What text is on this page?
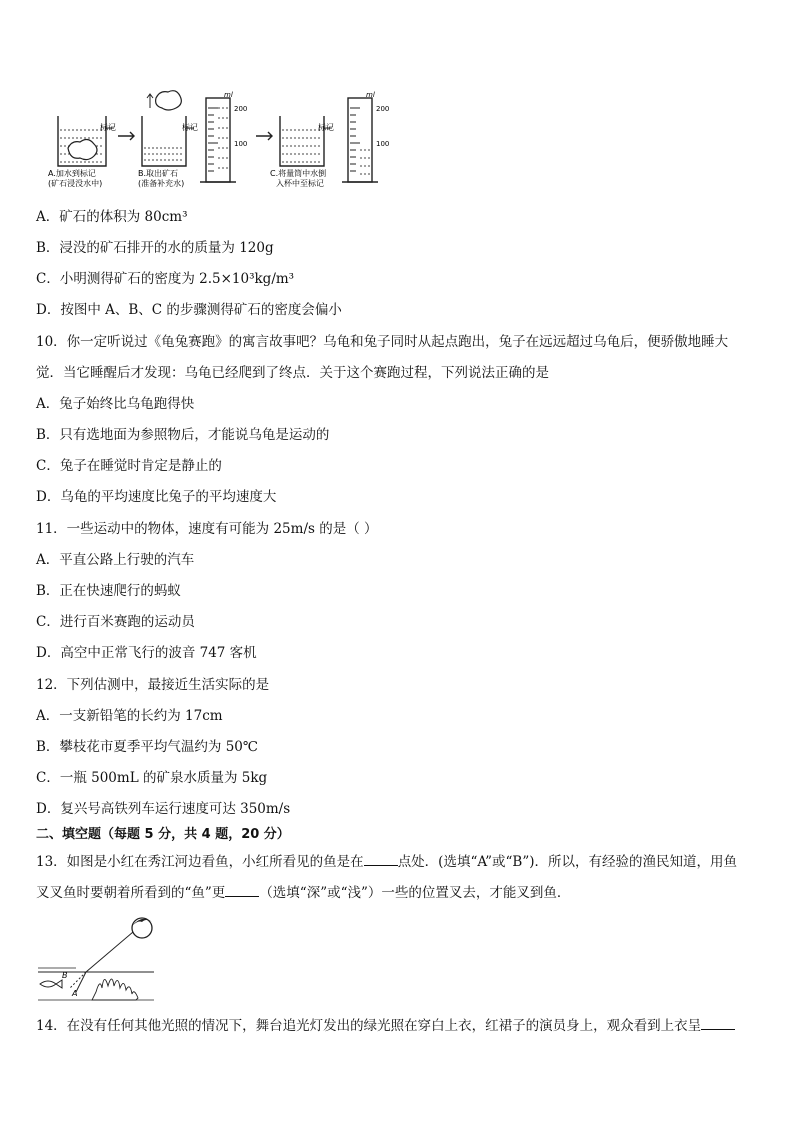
标记
A.加水到标记
(矿石浸没水中)
标记
B.取出矿石
(准备补充水)
ml
200
100
标记
C.将量筒中水倒
入杯中至标记
ml
200
100
A．矿石的体积为 80cm³
B．浸没的矿石排开的水的质量为 120g
C．小明测得矿石的密度为 2.5×10³kg/m³
D．按图中 A、B、C 的步骤测得矿石的密度会偏小
10．你一定听说过《龟兔赛跑》的寓言故事吧？乌龟和兔子同时从起点跑出，兔子在远远超过乌龟后，便骄傲地睡大
觉．当它睡醒后才发现：乌龟已经爬到了终点．关于这个赛跑过程，下列说法正确的是
A．兔子始终比乌龟跑得快
B．只有选地面为参照物后，才能说乌龟是运动的
C．兔子在睡觉时肯定是静止的
D．乌龟的平均速度比兔子的平均速度大
11．一些运动中的物体，速度有可能为 25m/s 的是（ ）
A．平直公路上行驶的汽车
B．正在快速爬行的蚂蚁
C．进行百米赛跑的运动员
D．高空中正常飞行的波音 747 客机
12．下列估测中，最接近生活实际的是
A．一支新铅笔的长约为 17cm
B．攀枝花市夏季平均气温约为 50℃
C．一瓶 500mL 的矿泉水质量为 5kg
D．复兴号高铁列车运行速度可达 350m/s
二、填空题（每题 5 分，共 4 题，20 分）
13．如图是小红在秀江河边看鱼，小红所看见的鱼是在	点处．(选填“A”或“B”)．所以，有经验的渔民知道，用鱼
叉叉鱼时要朝着所看到的“鱼”更	（选填“深”或“浅”）一些的位置叉去，才能叉到鱼．
B
A
14．在没有任何其他光照的情况下，舞台追光灯发出的绿光照在穿白上衣，红裙子的演员身上，观众看到上衣呈
